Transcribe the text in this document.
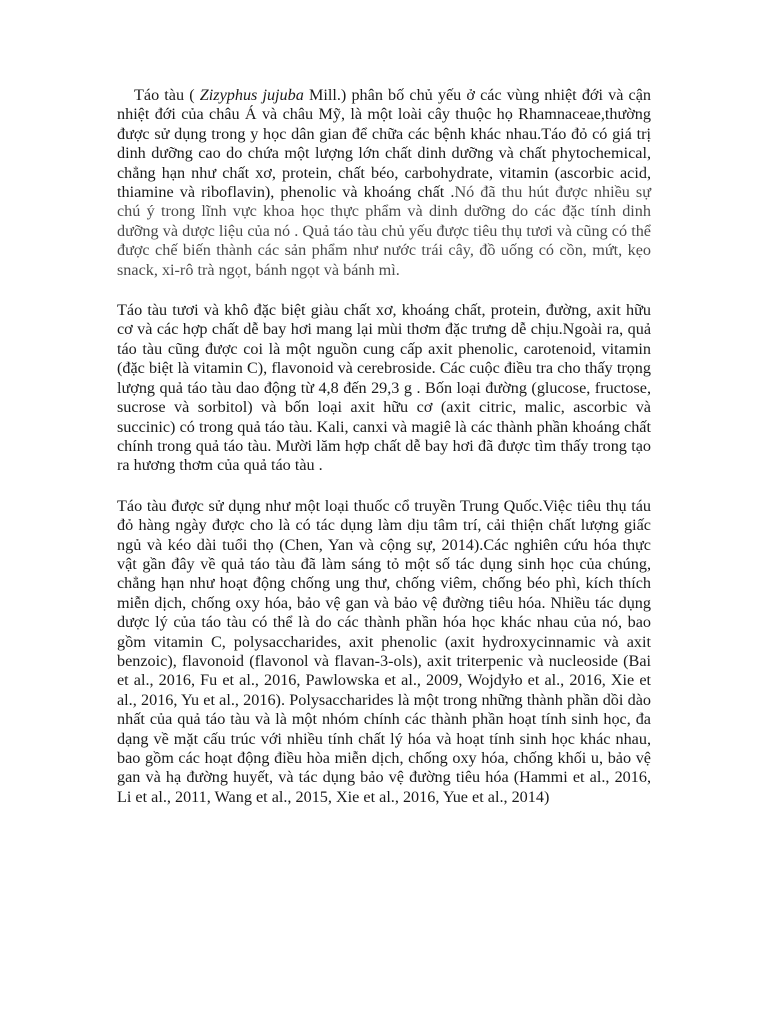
Táo tàu ( Zizyphus jujuba Mill.) phân bố chủ yếu ở các vùng nhiệt đới và cận nhiệt đới của châu Á và châu Mỹ, là một loài cây thuộc họ Rhamnaceae,thường được sử dụng trong y học dân gian để chữa các bệnh khác nhau.Táo đỏ có giá trị dinh dưỡng cao do chứa một lượng lớn chất dinh dưỡng và chất phytochemical, chẳng hạn như chất xơ, protein, chất béo, carbohydrate, vitamin (ascorbic acid, thiamine và riboflavin), phenolic và khoáng chất .Nó đã thu hút được nhiều sự chú ý trong lĩnh vực khoa học thực phẩm và dinh dưỡng do các đặc tính dinh dưỡng và dược liệu của nó . Quả táo tàu chủ yếu được tiêu thụ tươi và cũng có thể được chế biến thành các sản phẩm như nước trái cây, đồ uống có cồn, mứt, kẹo snack, xi-rô trà ngọt, bánh ngọt và bánh mì.

Táo tàu tươi và khô đặc biệt giàu chất xơ, khoáng chất, protein, đường, axit hữu cơ và các hợp chất dễ bay hơi mang lại mùi thơm đặc trưng dễ chịu.Ngoài ra, quả táo tàu cũng được coi là một nguồn cung cấp axit phenolic, carotenoid, vitamin (đặc biệt là vitamin C), flavonoid và cerebroside. Các cuộc điều tra cho thấy trọng lượng quả táo tàu dao động từ 4,8 đến 29,3 g . Bốn loại đường (glucose, fructose, sucrose và sorbitol) và bốn loại axit hữu cơ (axit citric, malic, ascorbic và succinic) có trong quả táo tàu. Kali, canxi và magiê là các thành phần khoáng chất chính trong quả táo tàu. Mười lăm hợp chất dễ bay hơi đã được tìm thấy trong tạo ra hương thơm của quả táo tàu .

Táo tàu được sử dụng như một loại thuốc cổ truyền Trung Quốc.Việc tiêu thụ táu đỏ hàng ngày được cho là có tác dụng làm dịu tâm trí, cải thiện chất lượng giấc ngủ và kéo dài tuổi thọ (Chen, Yan và cộng sự, 2014).Các nghiên cứu hóa thực vật gần đây về quả táo tàu đã làm sáng tỏ một số tác dụng sinh học của chúng, chẳng hạn như hoạt động chống ung thư, chống viêm, chống béo phì, kích thích miễn dịch, chống oxy hóa, bảo vệ gan và bảo vệ đường tiêu hóa. Nhiều tác dụng dược lý của táo tàu có thể là do các thành phần hóa học khác nhau của nó, bao gồm vitamin C, polysaccharides, axit phenolic (axit hydroxycinnamic và axit benzoic), flavonoid (flavonol và flavan-3-ols), axit triterpenic và nucleoside (Bai et al., 2016, Fu et al., 2016, Pawlowska et al., 2009, Wojdyło et al., 2016, Xie et al., 2016, Yu et al., 2016). Polysaccharides là một trong những thành phần dồi dào nhất của quả táo tàu và là một nhóm chính các thành phần hoạt tính sinh học, đa dạng về mặt cấu trúc với nhiều tính chất lý hóa và hoạt tính sinh học khác nhau, bao gồm các hoạt động điều hòa miễn dịch, chống oxy hóa, chống khối u, bảo vệ gan và hạ đường huyết, và tác dụng bảo vệ đường tiêu hóa (Hammi et al., 2016, Li et al., 2011, Wang et al., 2015, Xie et al., 2016, Yue et al., 2014)
